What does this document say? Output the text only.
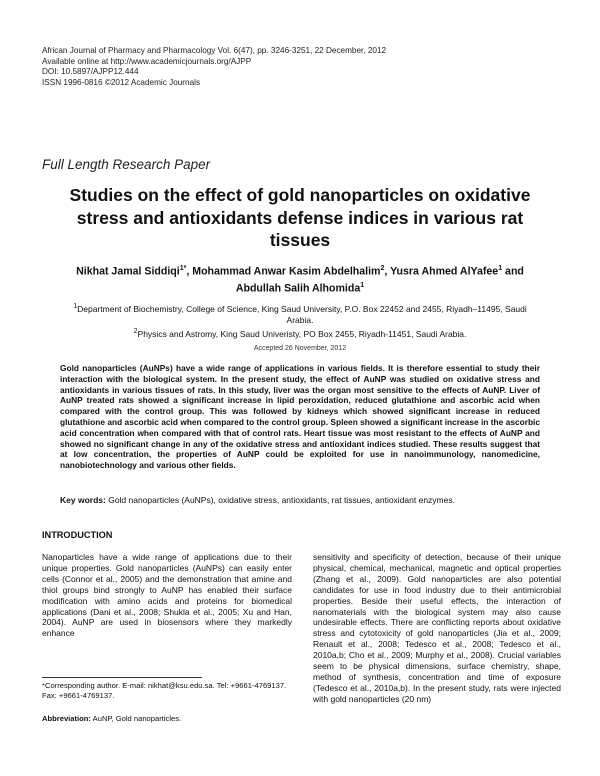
African Journal of Pharmacy and Pharmacology Vol. 6(47), pp. 3246-3251, 22 December, 2012
Available online at http://www.academicjournals.org/AJPP
DOI: 10.5897/AJPP12.444
ISSN 1996-0816 ©2012 Academic Journals
Full Length Research Paper
Studies on the effect of gold nanoparticles on oxidative stress and antioxidants defense indices in various rat tissues
Nikhat Jamal Siddiqi$^{1*}$, Mohammad Anwar Kasim Abdelhalim$^2$, Yusra Ahmed AlYafee$^1$ and Abdullah Salih Alhomida$^1$
$^1$Department of Biochemistry, College of Science, King Saud University, P.O. Box 22452 and 2455, Riyadh–11495, Saudi Arabia.
$^2$Physics and Astromy, King Saud Univeristy, PO Box 2455, Riyadh-11451, Saudi Arabia.
Accepted 26 November, 2012
Gold nanoparticles (AuNPs) have a wide range of applications in various fields. It is therefore essential to study their interaction with the biological system. In the present study, the effect of AuNP was studied on oxidative stress and antioxidants in various tissues of rats. In this study, liver was the organ most sensitive to the effects of AuNP. Liver of AuNP treated rats showed a significant increase in lipid peroxidation, reduced glutathione and ascorbic acid when compared with the control group. This was followed by kidneys which showed significant increase in reduced glutathione and ascorbic acid when compared to the control group. Spleen showed a significant increase in the ascorbic acid concentration when compared with that of control rats. Heart tissue was most resistant to the effects of AuNP and showed no significant change in any of the oxidative stress and antioxidant indices studied. These results suggest that at low concentration, the properties of AuNP could be exploited for use in nanoimmunology, nanomedicine, nanobiotechnology and various other fields.
Key words: Gold nanoparticles (AuNPs), oxidative stress, antioxidants, rat tissues, antioxidant enzymes.
INTRODUCTION

Nanoparticles have a wide range of applications due to their unique properties. Gold nanoparticles (AuNPs) can easily enter cells (Connor et al., 2005) and the demonstration that amine and thiol groups bind strongly to AuNP has enabled their surface modification with amino acids and proteins for biomedical applications (Dani et al., 2008; Shukla et al., 2005; Xu and Han, 2004). AuNP are used in biosensors where they markedly enhance

sensitivity and specificity of detection, because of their unique physical, chemical, mechanical, magnetic and optical properties (Zhang et al., 2009). Gold nanoparticles are also potential candidates for use in food industry due to their antimicrobial properties. Beside their useful effects, the interaction of nanomaterials with the biological system may also cause undesirable effects. There are conflicting reports about oxidative stress and cytotoxicity of gold nanoparticles (Jia et al., 2009; Renault et al., 2008; Tedesco et al., 2008; Tedesco et al., 2010a,b; Cho et al., 2009; Murphy et al., 2008). Crucial variables seem to be physical dimensions, surface chemistry, shape, method of synthesis, concentration and time of exposure (Tedesco et al., 2010a,b). In the present study, rats were injected with gold nanoparticles (20 nm)

*Corresponding author. E-mail: nikhat@ksu.edu.sa. Tel: +9661-4769137. Fax: +9661-4769137.
Abbreviation: AuNP, Gold nanoparticles.
